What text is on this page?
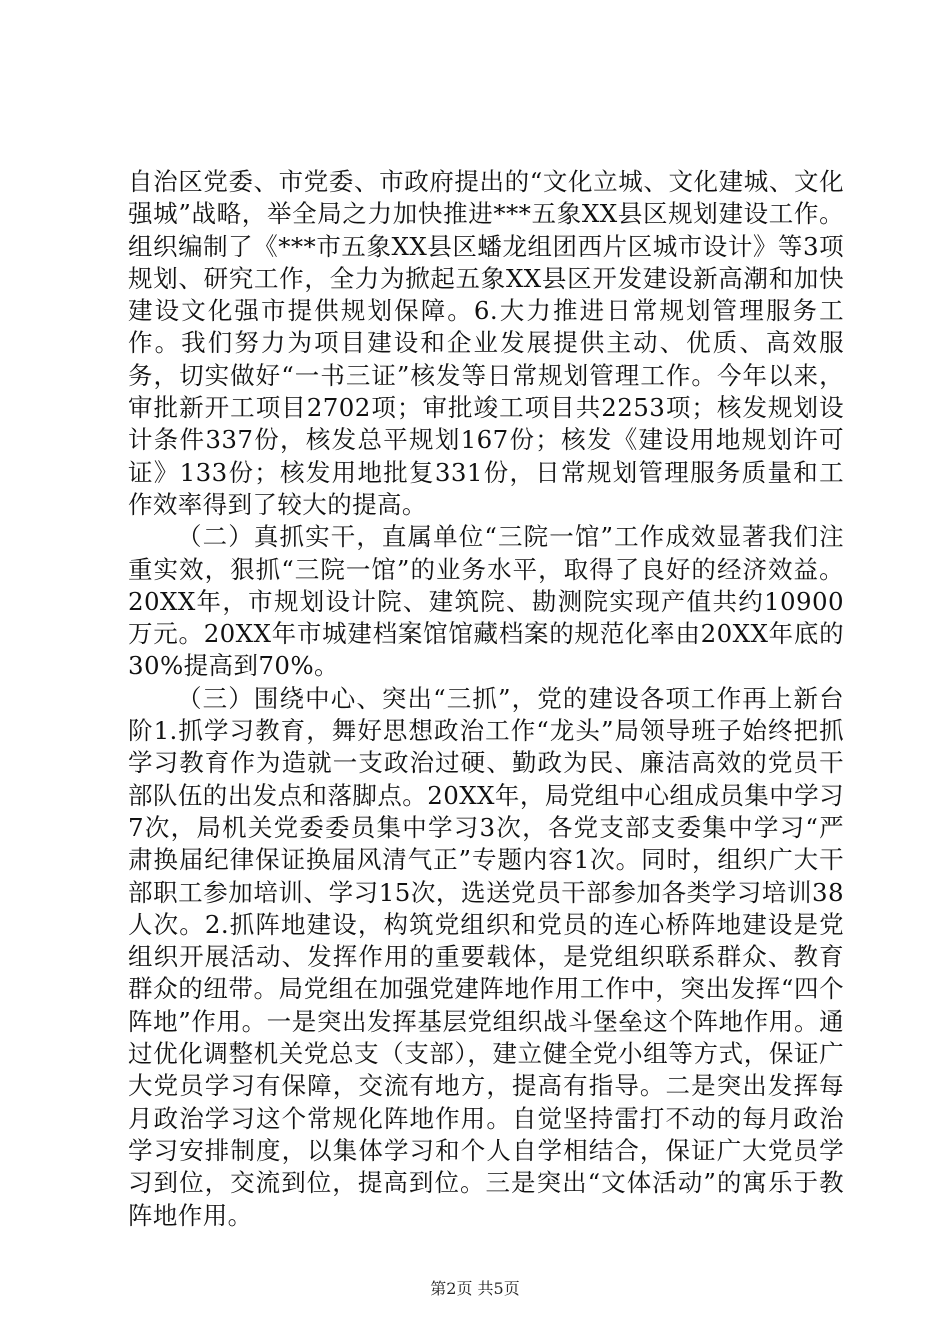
自治区党委、市党委、市政府提出的“文化立城、文化建城、文化强城”战略，举全局之力加快推进***五象XX县区规划建设工作。组织编制了《***市五象XX县区蟠龙组团西片区城市设计》等3项规划、研究工作，全力为掀起五象XX县区开发建设新高潮和加快建设文化强市提供规划保障。6.大力推进日常规划管理服务工作。我们努力为项目建设和企业发展提供主动、优质、高效服务，切实做好“一书三证”核发等日常规划管理工作。今年以来，审批新开工项目2702项；审批竣工项目共2253项；核发规划设计条件337份，核发总平规划167份；核发《建设用地规划许可证》133份；核发用地批复331份，日常规划管理服务质量和工作效率得到了较大的提高。

（二）真抓实干，直属单位“三院一馆”工作成效显著我们注重实效，狠抓“三院一馆”的业务水平，取得了良好的经济效益。20XX年，市规划设计院、建筑院、勘测院实现产值共约10900万元。20XX年市城建档案馆馆藏档案的规范化率由20XX年底的30%提高到70%。

（三）围绕中心、突出“三抓”，党的建设各项工作再上新台阶1.抓学习教育，舞好思想政治工作“龙头”局领导班子始终把抓学习教育作为造就一支政治过硬、勤政为民、廉洁高效的党员干部队伍的出发点和落脚点。20XX年，局党组中心组成员集中学习7次，局机关党委委员集中学习3次，各党支部支委集中学习“严肃换届纪律保证换届风清气正”专题内容1次。同时，组织广大干部职工参加培训、学习15次，选送党员干部参加各类学习培训38人次。2.抓阵地建设，构筑党组织和党员的连心桥阵地建设是党组织开展活动、发挥作用的重要载体，是党组织联系群众、教育群众的纽带。局党组在加强党建阵地作用工作中，突出发挥“四个阵地”作用。一是突出发挥基层党组织战斗堡垒这个阵地作用。通过优化调整机关党总支（支部），建立健全党小组等方式，保证广大党员学习有保障，交流有地方，提高有指导。二是突出发挥每月政治学习这个常规化阵地作用。自觉坚持雷打不动的每月政治学习安排制度，以集体学习和个人自学相结合，保证广大党员学习到位，交流到位，提高到位。三是突出“文体活动”的寓乐于教阵地作用。

第2页 共5页
